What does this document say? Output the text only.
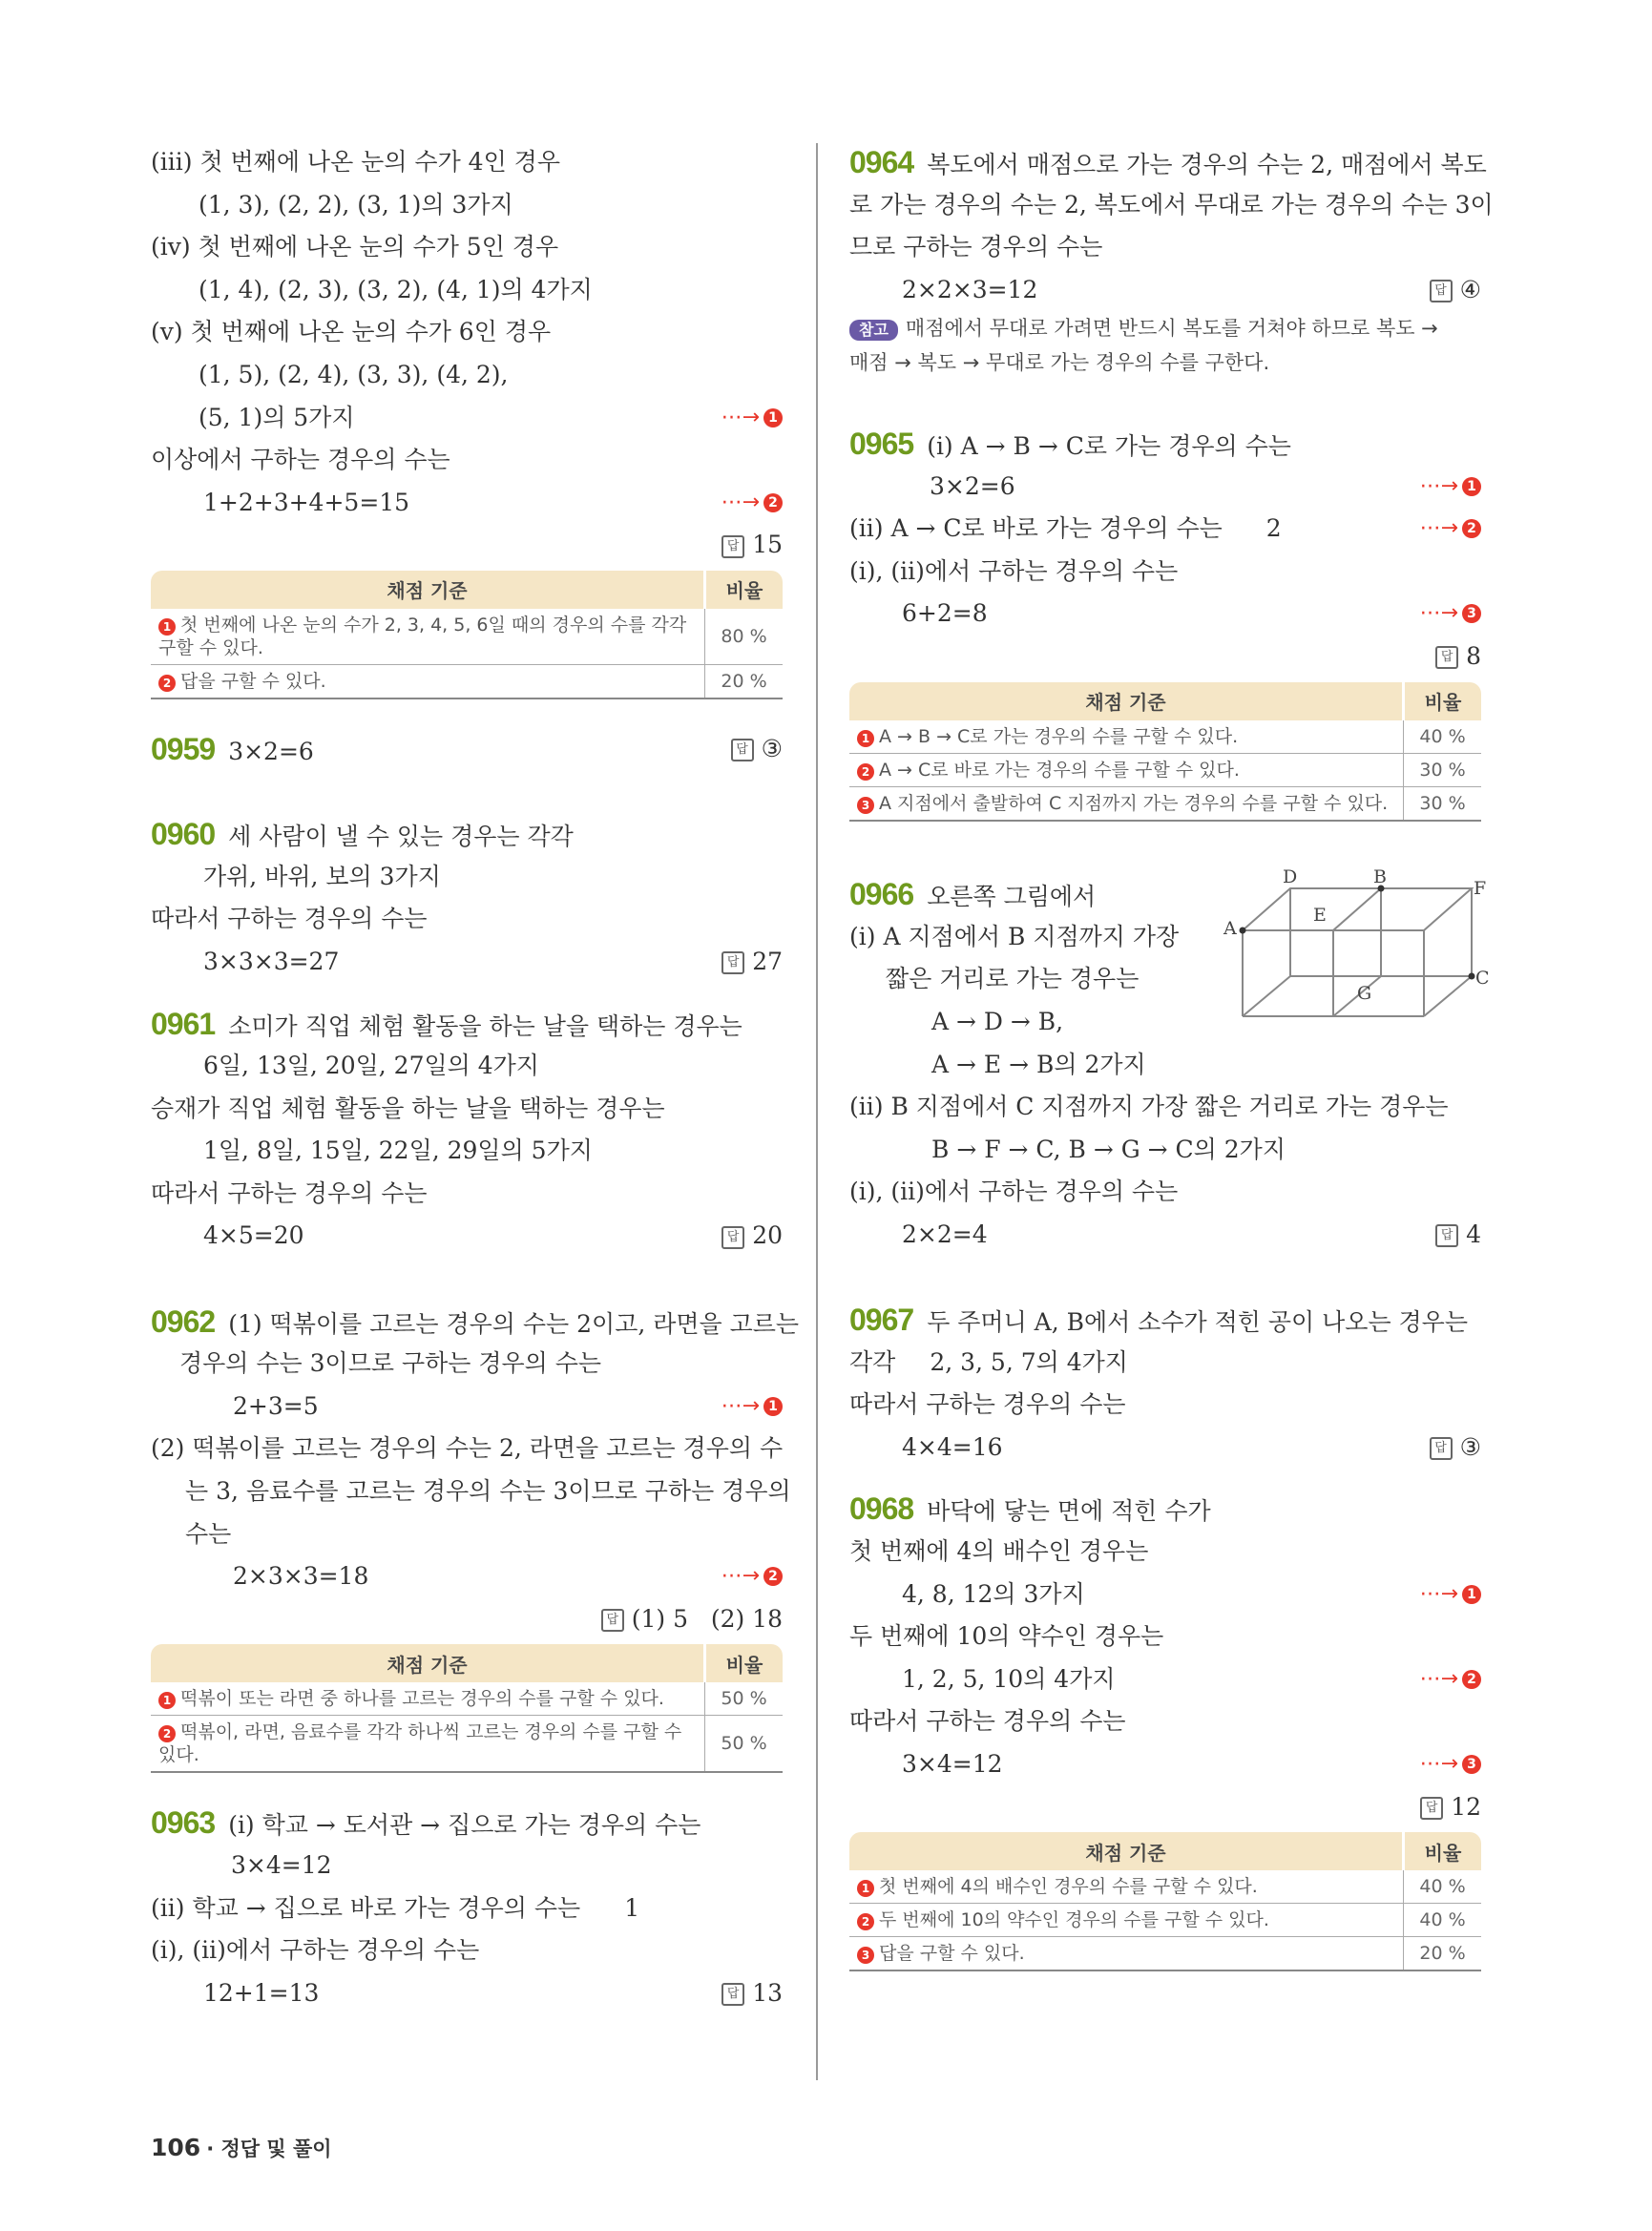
(ⅲ) 첫 번째에 나온 눈의 수가 4인 경우
(1, 3), (2, 2), (3, 1)의 3가지
(ⅳ) 첫 번째에 나온 눈의 수가 5인 경우
(1, 4), (2, 3), (3, 2), (4, 1)의 4가지
(ⅴ) 첫 번째에 나온 눈의 수가 6인 경우
(1, 5), (2, 4), (3, 3), (4, 2),
(5, 1)의 5가지	⋯→ 1
이상에서 구하는 경우의 수는
1+2+3+4+5=15	⋯→ 2
답 15
채점 기준	비율
1 첫 번째에 나온 눈의 수가 2, 3, 4, 5, 6일 때의 경우의 수를 각각 구할 수 있다.	80 %
2 답을 구할 수 있다.	20 %
0959 3×2=6	답 ③
0960 세 사람이 낼 수 있는 경우는 각각
가위, 바위, 보의 3가지
따라서 구하는 경우의 수는
3×3×3=27	답 27
0961 소미가 직업 체험 활동을 하는 날을 택하는 경우는
6일, 13일, 20일, 27일의 4가지
승재가 직업 체험 활동을 하는 날을 택하는 경우는
1일, 8일, 15일, 22일, 29일의 5가지
따라서 구하는 경우의 수는
4×5=20	답 20
0962 (1) 떡볶이를 고르는 경우의 수는 2이고, 라면을 고르는
경우의 수는 3이므로 구하는 경우의 수는
2+3=5	⋯→ 1
(2) 떡볶이를 고르는 경우의 수는 2, 라면을 고르는 경우의 수
는 3, 음료수를 고르는 경우의 수는 3이므로 구하는 경우의
수는
2×3×3=18	⋯→ 2
답 (1) 5   (2) 18
채점 기준	비율
1 떡볶이 또는 라면 중 하나를 고르는 경우의 수를 구할 수 있다.	50 %
2 떡볶이, 라면, 음료수를 각각 하나씩 고르는 경우의 수를 구할 수 있다.	50 %
0963 (ⅰ) 학교 → 도서관 → 집으로 가는 경우의 수는
3×4=12
(ⅱ) 학교 → 집으로 바로 가는 경우의 수는 1
(ⅰ), (ⅱ)에서 구하는 경우의 수는
12+1=13	답 13
0964 복도에서 매점으로 가는 경우의 수는 2, 매점에서 복도
로 가는 경우의 수는 2, 복도에서 무대로 가는 경우의 수는 3이
므로 구하는 경우의 수는
2×2×3=12	답 ④
참고 매점에서 무대로 가려면 반드시 복도를 거쳐야 하므로 복도 →
매점 → 복도 → 무대로 가는 경우의 수를 구한다.
0965 (ⅰ) A → B → C로 가는 경우의 수는
3×2=6	⋯→ 1
(ⅱ) A → C로 바로 가는 경우의 수는 2	⋯→ 2
(ⅰ), (ⅱ)에서 구하는 경우의 수는
6+2=8	⋯→ 3
답 8
채점 기준	비율
1 A → B → C로 가는 경우의 수를 구할 수 있다.	40 %
2 A → C로 바로 가는 경우의 수를 구할 수 있다.	30 %
3 A 지점에서 출발하여 C 지점까지 가는 경우의 수를 구할 수 있다.	30 %
A
D	B
F
E
C
G
0966 오른쪽 그림에서
(ⅰ) A 지점에서 B 지점까지 가장
짧은 거리로 가는 경우는
A → D → B,
A → E → B의 2가지
(ⅱ) B 지점에서 C 지점까지 가장 짧은 거리로 가는 경우는
B → F → C, B → G → C의 2가지
(ⅰ), (ⅱ)에서 구하는 경우의 수는
2×2=4	답 4
0967 두 주머니 A, B에서 소수가 적힌 공이 나오는 경우는
각각 2, 3, 5, 7의 4가지
따라서 구하는 경우의 수는
4×4=16	답 ③
0968 바닥에 닿는 면에 적힌 수가
첫 번째에 4의 배수인 경우는
4, 8, 12의 3가지	⋯→ 1
두 번째에 10의 약수인 경우는
1, 2, 5, 10의 4가지	⋯→ 2
따라서 구하는 경우의 수는
3×4=12	⋯→ 3
답 12
채점 기준	비율
1 첫 번째에 4의 배수인 경우의 수를 구할 수 있다.	40 %
2 두 번째에 10의 약수인 경우의 수를 구할 수 있다.	40 %
3 답을 구할 수 있다.	20 %
106 · 정답 및 풀이
